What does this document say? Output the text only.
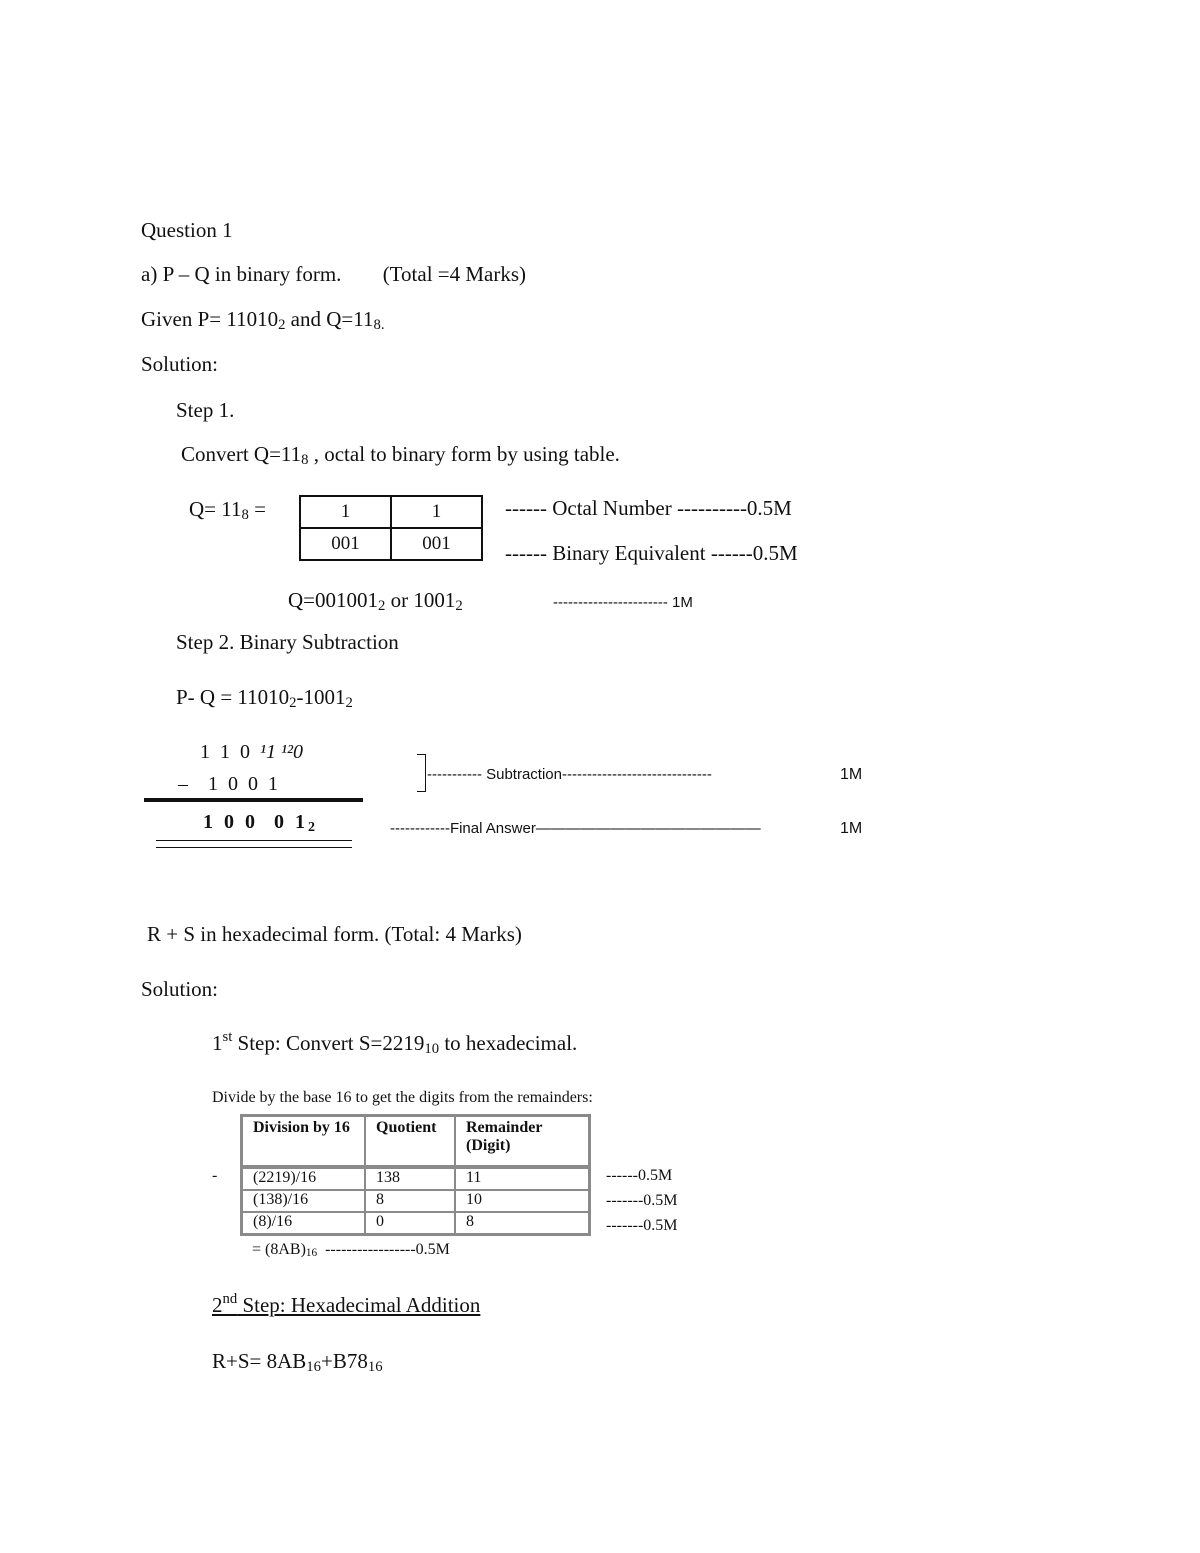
Question 1
a) P – Q in binary form. (Total =4 Marks)
Given $P= 11010_2$ and $Q=11_{8.}$
Solution:
Step 1.
Convert $Q=11_8$ , octal to binary form by using table.
$Q= 11_8$ =	1	1
001	001
------ Octal Number ----------0.5M
------ Binary Equivalent ------0.5M
$Q=001001_2$ or $1001_2$	----------------------- 1M
Step 2. Binary Subtraction
P- $Q = 11010_2-1001_2$
1  1  0  ¹1 ¹²0
–    1  0  0  1
1 0 0  0 $1_2$
----------- Subtraction------------------------------	1M
------------Final Answer———————————————	1M
R + S in hexadecimal form. (Total: 4 Marks)
Solution:
1st Step: Convert $S=2219_{10}$ to hexadecimal.
Divide by the base 16 to get the digits from the remainders:
Division by 16	Quotient	Remainder (Digit)
(2219)/16	138	11
(138)/16	8	10
(8)/16	0	8
-	------0.5M
-------0.5M
-------0.5M
= $(8AB)_{16}$  -----------------0.5M
2nd Step: Hexadecimal Addition
$R+S= 8AB_{16}+B78_{16}$
